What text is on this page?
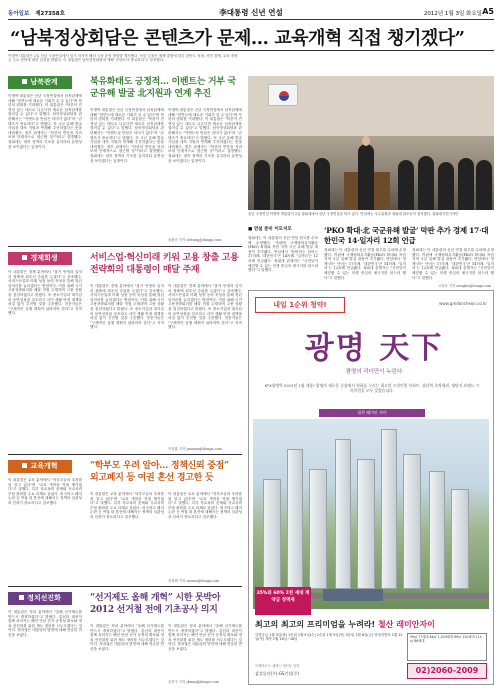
동아일보 제27358호	李대통령 신년 연설	2012년 1월 3일 화요일 A5
“남북정상회담은 콘텐츠가 문제… 교육개혁 직접 챙기겠다”
이명박 대통령은 2일 신년 국정연설에서 임기 마지막 해의 국정 운영 방향을 제시했다. 북한 김정은 체제 출범에 따른 한반도 정세, 서민 경제, 교육 개혁 등 주요 현안에 대한 입장을 밝혔다. 이 대통령은 남북정상회담에 대해 '콘텐츠가 중요하다'고 강조했다.
남북관계	북유화태도 긍정적… 이벤트는 거부 국군유해 발굴 北지원과 연계 추진
이명박 대통령은 신년 국정연설에서 남북관계에 대해 "한반도에 새로운 기회가 올 수 있다"며 북한의 변화를 기대했다. 이 대통령은 "북한이 진정성 있는 태도로 나온다면 새로운 남북관계를 열어갈 수 있다"고 말했다. 남북정상회담과 관련해서는 "이벤트성 만남은 의미가 없다"며 "콘텐츠가 중요하다"고 밝혔다. 또 국군 유해 발굴 사업을 대북 지원과 연계해 추진하겠다는 뜻을 내비쳤다. 정부 관계자는 "북한의 반응을 지켜보며 단계적으로 접근할 것"이라고 설명했다. 청와대는 대북 정책의 기조를 유지하되 유연성을 보이겠다는 입장이다.
이명박 대통령은 신년 국정연설에서 남북관계에 대해 "한반도에 새로운 기회가 올 수 있다"며 북한의 변화를 기대했다. 이 대통령은 "북한이 진정성 있는 태도로 나온다면 새로운 남북관계를 열어갈 수 있다"고 말했다. 남북정상회담과 관련해서는 "이벤트성 만남은 의미가 없다"며 "콘텐츠가 중요하다"고 밝혔다. 또 국군 유해 발굴 사업을 대북 지원과 연계해 추진하겠다는 뜻을 내비쳤다. 정부 관계자는 "북한의 반응을 지켜보며 단계적으로 접근할 것"이라고 설명했다. 청와대는 대북 정책의 기조를 유지하되 유연성을 보이겠다는 입장이다.
이명박 대통령은 신년 국정연설에서 남북관계에 대해 "한반도에 새로운 기회가 올 수 있다"며 북한의 변화를 기대했다. 이 대통령은 "북한이 진정성 있는 태도로 나온다면 새로운 남북관계를 열어갈 수 있다"고 말했다. 남북정상회담과 관련해서는 "이벤트성 만남은 의미가 없다"며 "콘텐츠가 중요하다"고 밝혔다. 또 국군 유해 발굴 사업을 대북 지원과 연계해 추진하겠다는 뜻을 내비쳤다. 정부 관계자는 "북한의 반응을 지켜보며 단계적으로 접근할 것"이라고 설명했다. 청와대는 대북 정책의 기조를 유지하되 유연성을 보이겠다는 입장이다.
윤완준 기자 zeitung@donga.com
경제회생	서비스업·혁신미래 키워 고용 창출 고용전략회의 대통령이 매달 주재
이 대통령은 경제 분야에서 "물가 안정과 일자리 창출에 최우선 순위를 두겠다"고 강조했다. 서비스산업과 미래 성장 동력 육성을 통해 청년 일자리를 늘리겠다는 방침이다. 이를 위해 국가고용전략회의를 매달 직접 주재하며 고용 상황을 점검하겠다고 밝혔다. 또 중소기업과 대기업의 동반성장을 강조하고 서민 생활 안정 대책을 차질 없이 추진할 것을 주문했다. 전문가들은 "구체적인 실행 계획이 뒤따라야 한다"고 지적했다.
이 대통령은 경제 분야에서 "물가 안정과 일자리 창출에 최우선 순위를 두겠다"고 강조했다. 서비스산업과 미래 성장 동력 육성을 통해 청년 일자리를 늘리겠다는 방침이다. 이를 위해 국가고용전략회의를 매달 직접 주재하며 고용 상황을 점검하겠다고 밝혔다. 또 중소기업과 대기업의 동반성장을 강조하고 서민 생활 안정 대책을 차질 없이 추진할 것을 주문했다. 전문가들은 "구체적인 실행 계획이 뒤따라야 한다"고 지적했다.
이 대통령은 경제 분야에서 "물가 안정과 일자리 창출에 최우선 순위를 두겠다"고 강조했다. 서비스산업과 미래 성장 동력 육성을 통해 청년 일자리를 늘리겠다는 방침이다. 이를 위해 국가고용전략회의를 매달 직접 주재하며 고용 상황을 점검하겠다고 밝혔다. 또 중소기업과 대기업의 동반성장을 강조하고 서민 생활 안정 대책을 차질 없이 추진할 것을 주문했다. 전문가들은 "구체적인 실행 계획이 뒤따라야 한다"고 지적했다.
이상훈 기자 january@donga.com
교육개혁	“학부모 우려 알아… 정책신뢰 중점” 외고폐지 등 여권 혼선 경고한 듯
이 대통령은 교육 분야에서 "학부모들의 우려를 잘 알고 있다"며 "교육 개혁을 직접 챙기겠다"고 말했다. 특히 학교폭력 문제와 사교육비 부담 완화를 주요 과제로 꼽았다. 외국어고 폐지 논란 등 여권 내 혼선에 대해서는 정책의 일관성과 신뢰가 중요하다고 강조했다.
이 대통령은 교육 분야에서 "학부모들의 우려를 잘 알고 있다"며 "교육 개혁을 직접 챙기겠다"고 말했다. 특히 학교폭력 문제와 사교육비 부담 완화를 주요 과제로 꼽았다. 외국어고 폐지 논란 등 여권 내 혼선에 대해서는 정책의 일관성과 신뢰가 중요하다고 강조했다.
이 대통령은 교육 분야에서 "학부모들의 우려를 잘 알고 있다"며 "교육 개혁을 직접 챙기겠다"고 말했다. 특히 학교폭력 문제와 사교육비 부담 완화를 주요 과제로 꼽았다. 외국어고 폐지 논란 등 여권 내 혼선에 대해서는 정책의 일관성과 신뢰가 중요하다고 강조했다.
정성택 기자 neone@donga.com
정치선진화	“선거제도 올해 개혁” 시한 못박아 2012 선거철 전에 기초공사 의지
이 대통령은 정치 분야에서 "올해 선거제도를 반드시 개혁하겠다"고 밝혔다. 총선과 대선이 함께 치러지는 해인 만큼 선거 공정성 확보와 정치 선진화를 위한 제도 정비를 서두르겠다는 것이다. 정치권은 대통령의 발언에 대해 엇갈린 반응을 보였다.
이 대통령은 정치 분야에서 "올해 선거제도를 반드시 개혁하겠다"고 밝혔다. 총선과 대선이 함께 치러지는 해인 만큼 선거 공정성 확보와 정치 선진화를 위한 제도 정비를 서두르겠다는 것이다. 정치권은 대통령의 발언에 대해 엇갈린 반응을 보였다.
이 대통령은 정치 분야에서 "올해 선거제도를 반드시 개혁하겠다"고 밝혔다. 총선과 대선이 함께 치러지는 해인 만큼 선거 공정성 확보와 정치 선진화를 위한 제도 정비를 서두르겠다는 것이다. 정치권은 대통령의 발언에 대해 엇갈린 반응을 보였다.
윤종구 기자 jkmas@donga.com
신년 국정연설 이명박 대통령이 2일 청와대에서 신년 국정연설을 하고 있다. 연설에는 국무위원과 청와대 참모들이 참석했다. 청와대사진기자단
■ 연설 준비 이모저모	‘PKO 확대·北 국군유해 발굴’ 막판 추가 경제 17·대한민국 14·일자리 12회 언급
청와대는 이 대통령의 신년 연설 원고를 수차례 수정했다. 막판에 국제평화유지활동(PKO) 확대와 북한 지역 국군 유해 발굴 내용이 추가됐다. 연설에서 '경제'라는 단어는 17차례, '대한민국'은 14차례, '일자리'는 12차례 언급됐다. 청와대 관계자는 "국민들이 체감할 수 있는 민생 중심의 메시지를 담으려 했다"고 말했다.
청와대는 이 대통령의 신년 연설 원고를 수차례 수정했다. 막판에 국제평화유지활동(PKO) 확대와 북한 지역 국군 유해 발굴 내용이 추가됐다. 연설에서 '경제'라는 단어는 17차례, '대한민국'은 14차례, '일자리'는 12차례 언급됐다. 청와대 관계자는 "국민들이 체감할 수 있는 민생 중심의 메시지를 담으려 했다"고 말했다.
청와대는 이 대통령의 신년 연설 원고를 수차례 수정했다. 막판에 국제평화유지활동(PKO) 확대와 북한 지역 국군 유해 발굴 내용이 추가됐다. 연설에서 '경제'라는 단어는 17차례, '대한민국'은 14차례, '일자리'는 12차례 언급됐다. 청와대 관계자는 "국민들이 체감할 수 있는 민생 중심의 메시지를 담으려 했다"고 말했다.
고성호 기자 sungho@donga.com
내일 1순위 청약!	www.gmdoncheon.co.kr
광명 天下
광명의 리더만이 누린다
KTX광명역 2012년 1월 개통! 광명의 새로운 중심에서 천하를 누리는 최고의 프리미엄 아파트. 철산역 초역세권, 대단지 브랜드 프리미엄을 모두 갖췄습니다.
철산 래미안 자이
35%와 60% 2천 세대 계약금 정액제
최고의 최고의 프리미엄을 누려라! 철산 래미안자이
특별공급 1월 3일(화) 1순위 1월 4일(수) 2순위 1월 5일(목) 3순위 1월 6일(금) 당첨자발표 1월 12일(목) 계약 1월 16일~18일
59㎡ 77세대 84㎡ 1,034세대 99㎡ 120세대 114㎡ 86세대
모델하우스: 광명시 철산동 일대	02)2060-2009
삼성물산(주)·GS건설(주)
